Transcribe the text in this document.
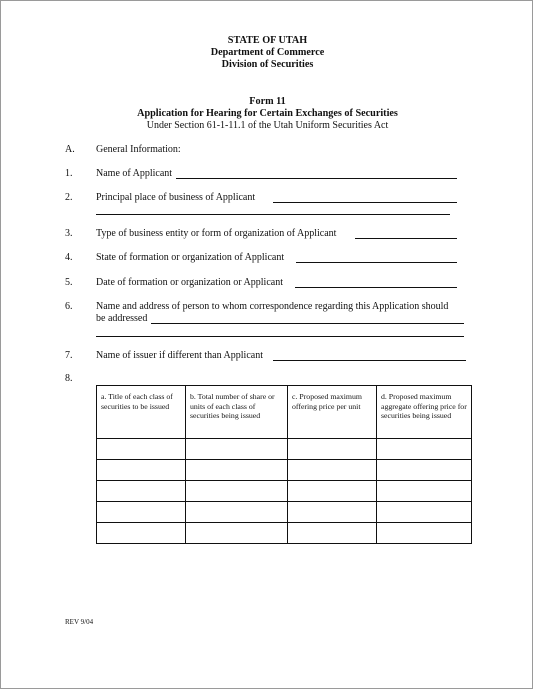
STATE OF UTAH
Department of Commerce
Division of Securities
Form 11
Application for Hearing for Certain Exchanges of Securities
Under Section 61-1-11.1 of the Utah Uniform Securities Act
A. General Information:
1. Name of Applicant
2. Principal place of business of Applicant
3. Type of business entity or form of organization of Applicant
4. State of formation or organization of Applicant
5. Date of formation or organization or Applicant
6. Name and address of person to whom correspondence regarding this Application should
be addressed
7. Name of issuer if different than Applicant
8.
a. Title of each class of securities to be issued	b. Total number of share or units of each class of securities being issued	c. Proposed maximum offering price per unit	d. Proposed maximum aggregate offering price for securities being issued

REV 9/04
